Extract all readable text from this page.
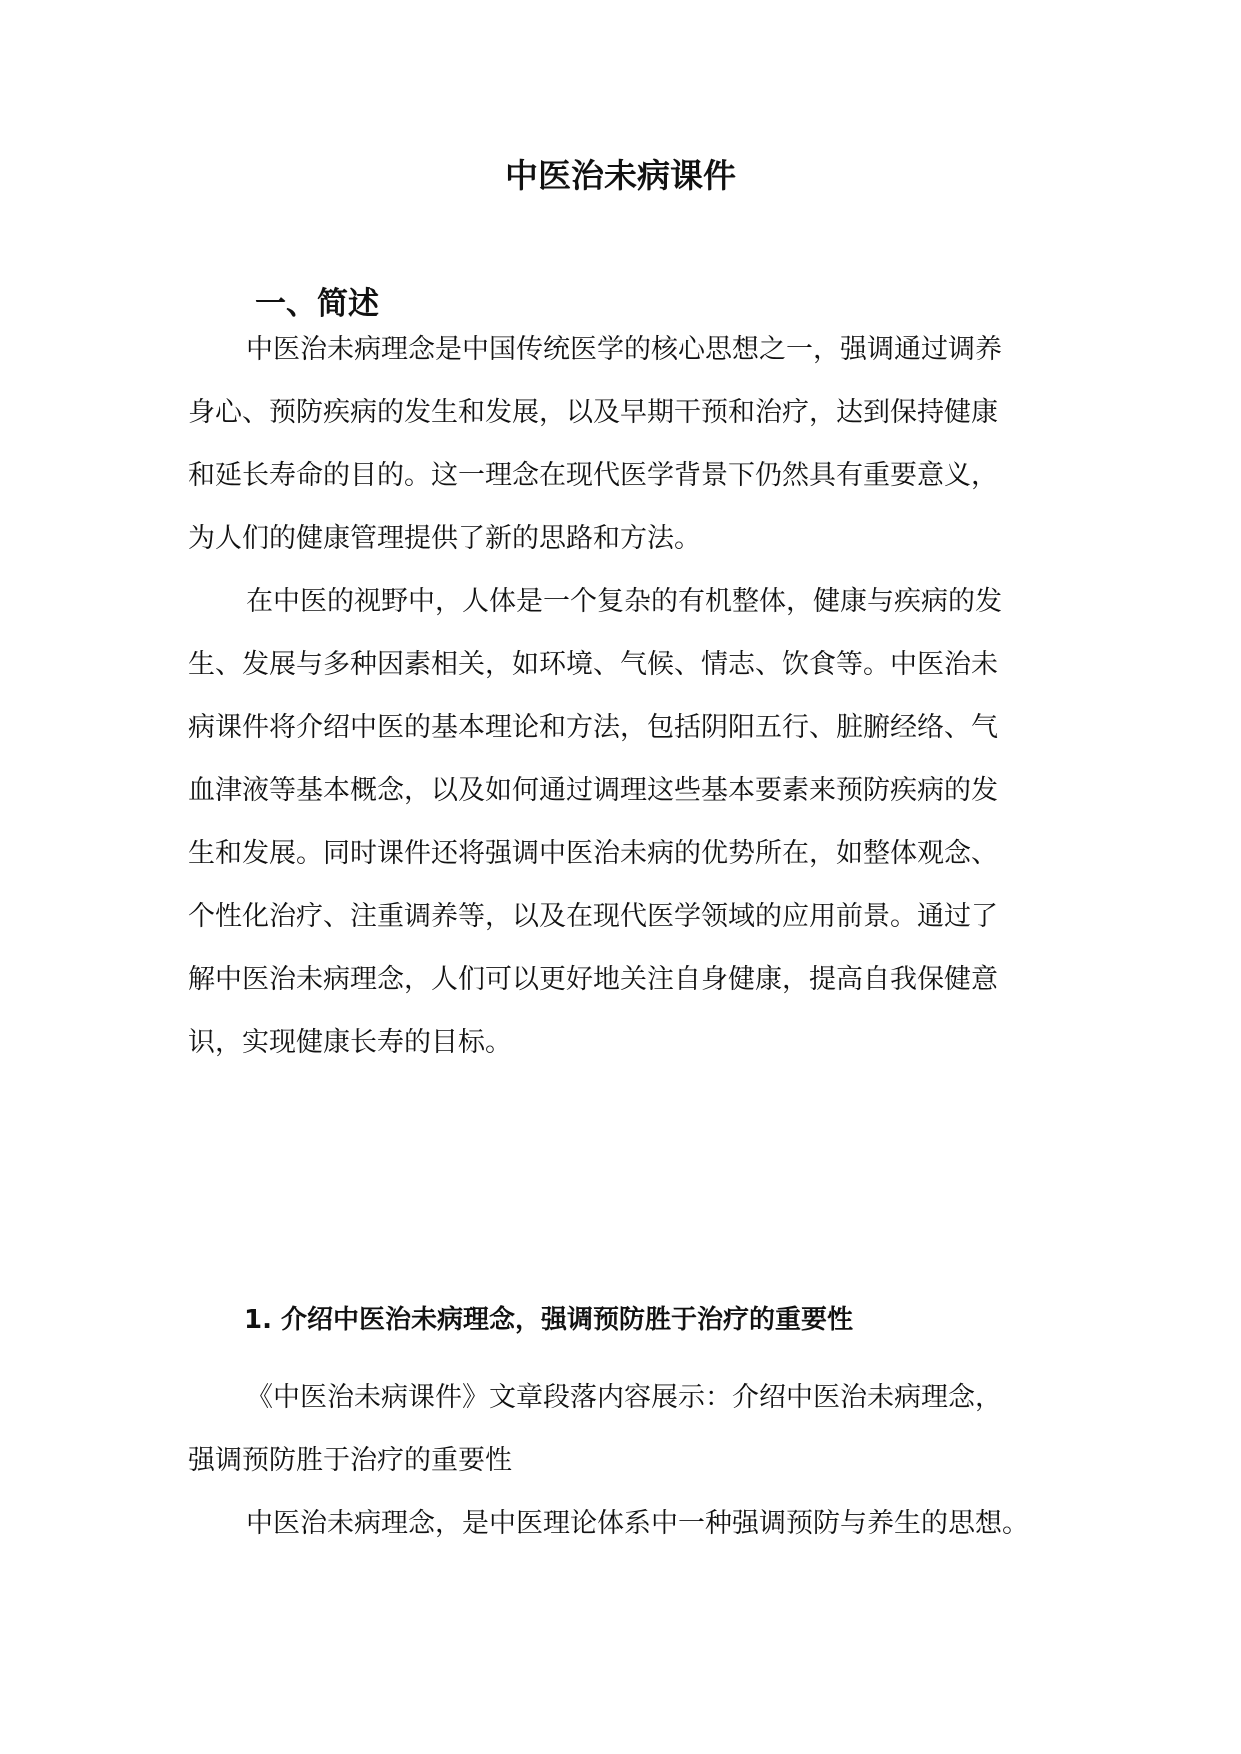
中医治未病课件
一、简述
中医治未病理念是中国传统医学的核心思想之一，强调通过调养
身心、预防疾病的发生和发展，以及早期干预和治疗，达到保持健康
和延长寿命的目的。这一理念在现代医学背景下仍然具有重要意义，
为人们的健康管理提供了新的思路和方法。
在中医的视野中，人体是一个复杂的有机整体，健康与疾病的发
生、发展与多种因素相关，如环境、气候、情志、饮食等。中医治未
病课件将介绍中医的基本理论和方法，包括阴阳五行、脏腑经络、气
血津液等基本概念，以及如何通过调理这些基本要素来预防疾病的发
生和发展。同时课件还将强调中医治未病的优势所在，如整体观念、
个性化治疗、注重调养等，以及在现代医学领域的应用前景。通过了
解中医治未病理念，人们可以更好地关注自身健康，提高自我保健意
识，实现健康长寿的目标。
1. 介绍中医治未病理念，强调预防胜于治疗的重要性
《中医治未病课件》文章段落内容展示：介绍中医治未病理念，
强调预防胜于治疗的重要性
中医治未病理念，是中医理论体系中一种强调预防与养生的思想。
